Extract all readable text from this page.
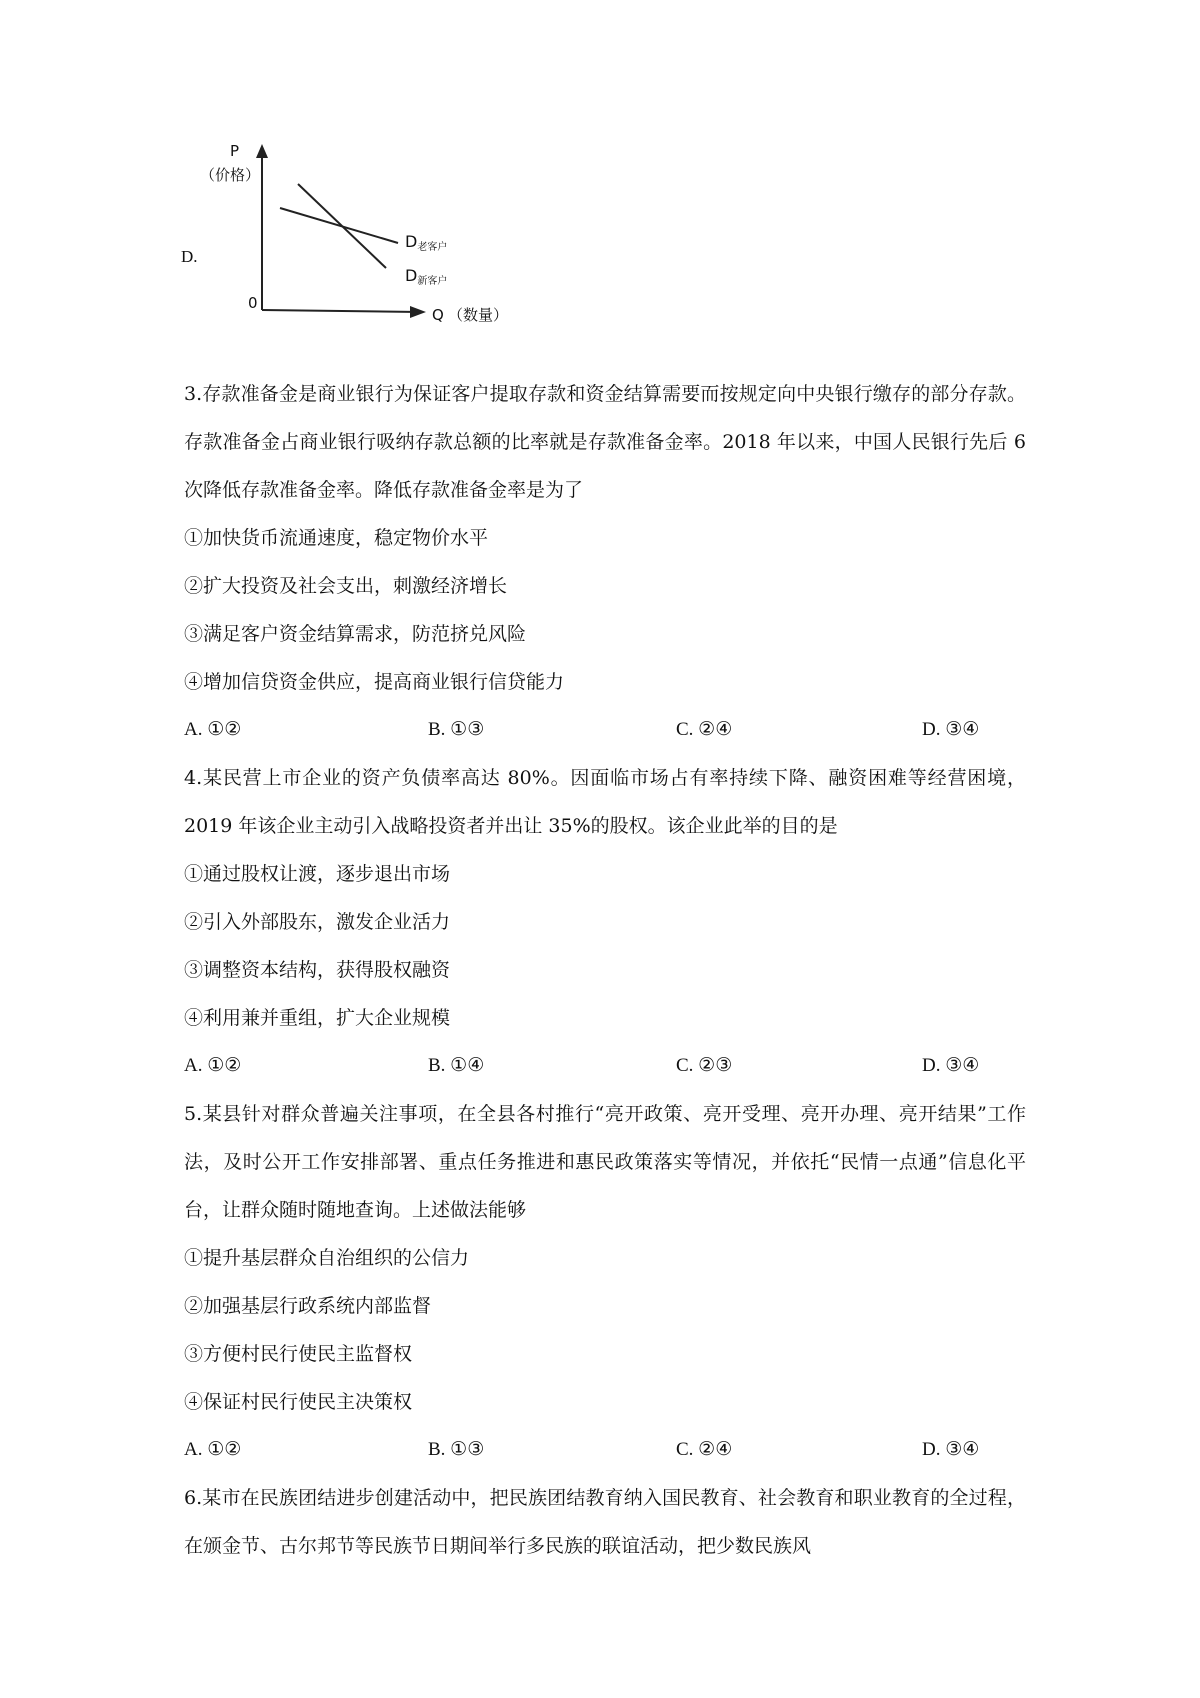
D.
P
（价格）
0
Q （数量）
D老客户
D新客户

3.存款准备金是商业银行为保证客户提取存款和资金结算需要而按规定向中央银行缴存的部分存款。存款准备金占商业银行吸纳存款总额的比率就是存款准备金率。2018 年以来，中国人民银行先后 6 次降低存款准备金率。降低存款准备金率是为了

①加快货币流通速度，稳定物价水平
②扩大投资及社会支出，刺激经济增长
③满足客户资金结算需求，防范挤兑风险
④增加信贷资金供应，提高商业银行信贷能力
A. ①②	B. ①③	C. ②④	D. ③④

4.某民营上市企业的资产负债率高达 80%。因面临市场占有率持续下降、融资困难等经营困境，2019 年该企业主动引入战略投资者并出让 35%的股权。该企业此举的目的是

①通过股权让渡，逐步退出市场
②引入外部股东，激发企业活力
③调整资本结构，获得股权融资
④利用兼并重组，扩大企业规模
A. ①②	B. ①④	C. ②③	D. ③④

5.某县针对群众普遍关注事项，在全县各村推行“亮开政策、亮开受理、亮开办理、亮开结果”工作法，及时公开工作安排部署、重点任务推进和惠民政策落实等情况，并依托“民情一点通”信息化平台，让群众随时随地查询。上述做法能够

①提升基层群众自治组织的公信力
②加强基层行政系统内部监督
③方便村民行使民主监督权
④保证村民行使民主决策权
A. ①②	B. ①③	C. ②④	D. ③④

6.某市在民族团结进步创建活动中，把民族团结教育纳入国民教育、社会教育和职业教育的全过程，在颁金节、古尔邦节等民族节日期间举行多民族的联谊活动，把少数民族风
